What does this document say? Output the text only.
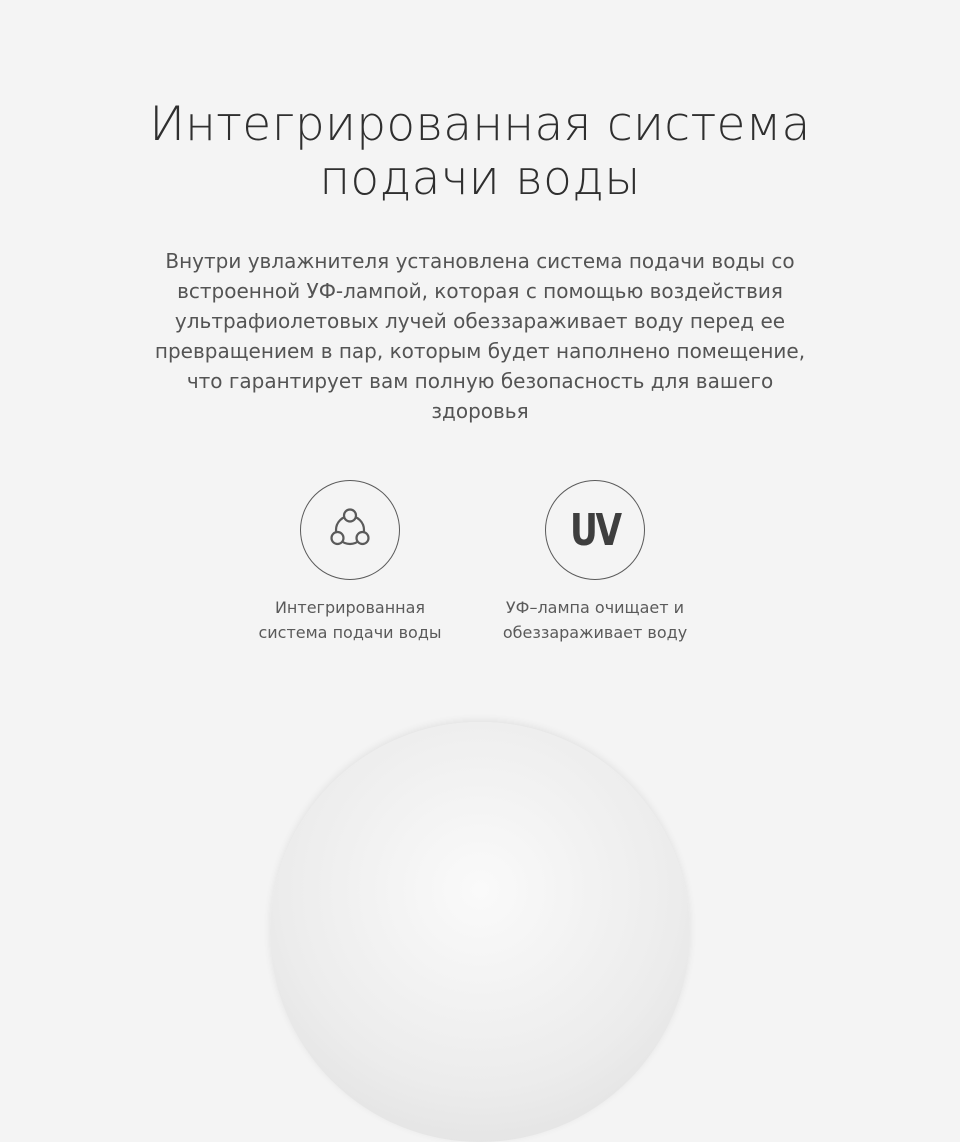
Интегрированная система
подачи воды
Внутри увлажнителя установлена система подачи воды со
встроенной УФ-лампой, которая с помощью воздействия
ультрафиолетовых лучей обеззараживает воду перед ее
превращением в пар, которым будет наполнено помещение,
что гарантирует вам полную безопасность для вашего
здоровья
Интегрированная
система подачи воды
UV
УФ–лампа очищает и
обеззараживает воду
